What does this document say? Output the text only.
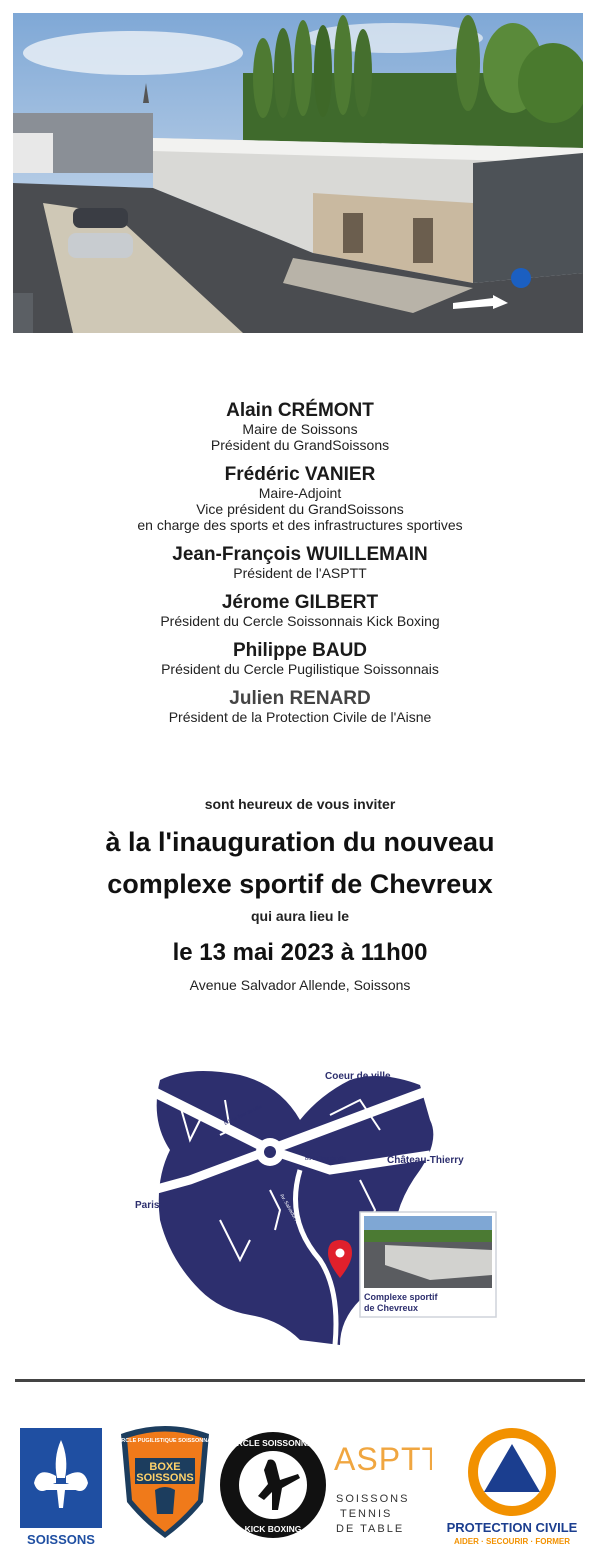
Alain CRÉMONT
Maire de Soissons
Président du GrandSoissons
Frédéric VANIER
Maire-Adjoint
Vice président du GrandSoissons
en charge des sports et des infrastructures sportives
Jean-François WUILLEMAIN
Président de l'ASPTT
Jérome GILBERT
Président du Cercle Soissonnais Kick Boxing
Philippe BAUD
Président du Cercle Pugilistique Soissonnais
Julien RENARD
Président de la Protection Civile de l'Aisne
sont heureux de vous inviter
à la l'inauguration du nouveau
complexe sportif de Chevreux
qui aura lieu le
le 13 mai 2023 à 11h00
Avenue Salvador Allende, Soissons
Coeur de ville
Château-Thierry
Paris
Bd du Tour de ville
Bd du Tour de ville
Av. Salvador Allende
Complexe sportif
de Chevreux
SOISSONS
CERCLE PUGILISTIQUE SOISSONNAIS
BOXE
SOISSONS
CERCLE SOISSONNAIS
KICK BOXING
ASPTT
SOISSONS
TENNIS
DE TABLE	PROTECTION CIVILE
AIDER · SECOURIR · FORMER
